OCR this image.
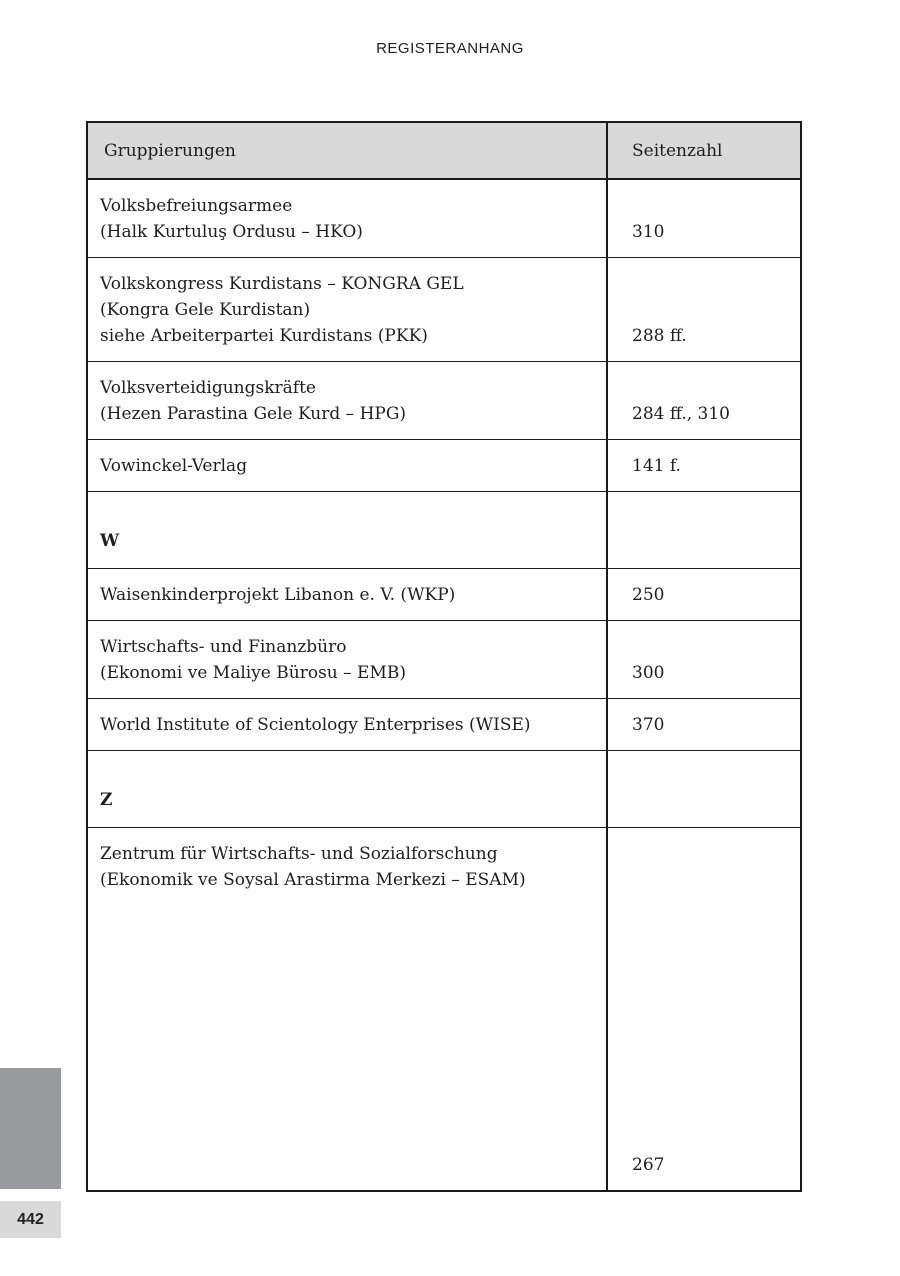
REGISTERANHANG
Gruppierungen	Seitenzahl

Volksbefreiungsarmee
(Halk Kurtuluş Ordusu – HKO)	310

Volkskongress Kurdistans – KONGRA GEL
(Kongra Gele Kurdistan)
siehe Arbeiterpartei Kurdistans (PKK)	288 ff.

Volksverteidigungskräfte
(Hezen Parastina Gele Kurd – HPG)	284 ff., 310

Vowinckel-Verlag	141 f.

W	

Waisenkinderprojekt Libanon e. V. (WKP)	250

Wirtschafts- und Finanzbüro
(Ekonomi ve Maliye Bürosu – EMB)	300

World Institute of Scientology Enterprises (WISE)	370

Z	

Zentrum für Wirtschafts- und Sozialforschung
(Ekonomik ve Soysal Arastirma Merkezi – ESAM)	267
442
